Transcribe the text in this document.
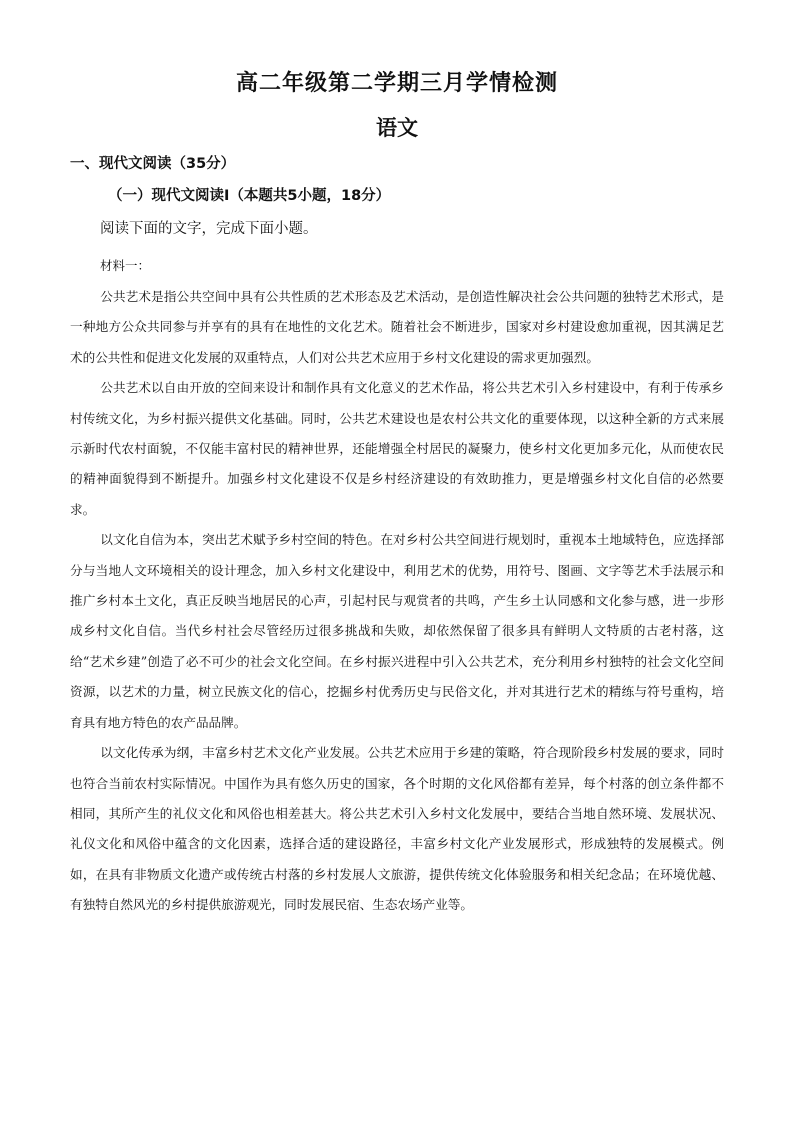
高二年级第二学期三月学情检测
语文
一、现代文阅读（35分）
（一）现代文阅读Ⅰ（本题共5小题，18分）
阅读下面的文字，完成下面小题。
材料一：

公共艺术是指公共空间中具有公共性质的艺术形态及艺术活动，是创造性解决社会公共问题的独特艺术形式，是一种地方公众共同参与并享有的具有在地性的文化艺术。随着社会不断进步，国家对乡村建设愈加重视，因其满足艺术的公共性和促进文化发展的双重特点，人们对公共艺术应用于乡村文化建设的需求更加强烈。

公共艺术以自由开放的空间来设计和制作具有文化意义的艺术作品，将公共艺术引入乡村建设中，有利于传承乡村传统文化，为乡村振兴提供文化基础。同时，公共艺术建设也是农村公共文化的重要体现，以这种全新的方式来展示新时代农村面貌，不仅能丰富村民的精神世界，还能增强全村居民的凝聚力，使乡村文化更加多元化，从而使农民的精神面貌得到不断提升。加强乡村文化建设不仅是乡村经济建设的有效助推力，更是增强乡村文化自信的必然要求。

以文化自信为本，突出艺术赋予乡村空间的特色。在对乡村公共空间进行规划时，重视本土地域特色，应选择部分与当地人文环境相关的设计理念，加入乡村文化建设中，利用艺术的优势，用符号、图画、文字等艺术手法展示和推广乡村本土文化，真正反映当地居民的心声，引起村民与观赏者的共鸣，产生乡土认同感和文化参与感，进一步形成乡村文化自信。当代乡村社会尽管经历过很多挑战和失败，却依然保留了很多具有鲜明人文特质的古老村落，这给“艺术乡建”创造了必不可少的社会文化空间。在乡村振兴进程中引入公共艺术，充分利用乡村独特的社会文化空间资源，以艺术的力量，树立民族文化的信心，挖掘乡村优秀历史与民俗文化，并对其进行艺术的精练与符号重构，培育具有地方特色的农产品品牌。

以文化传承为纲，丰富乡村艺术文化产业发展。公共艺术应用于乡建的策略，符合现阶段乡村发展的要求，同时也符合当前农村实际情况。中国作为具有悠久历史的国家，各个时期的文化风俗都有差异，每个村落的创立条件都不相同，其所产生的礼仪文化和风俗也相差甚大。将公共艺术引入乡村文化发展中，要结合当地自然环境、发展状况、礼仪文化和风俗中蕴含的文化因素，选择合适的建设路径，丰富乡村文化产业发展形式，形成独特的发展模式。例如，在具有非物质文化遗产或传统古村落的乡村发展人文旅游，提供传统文化体验服务和相关纪念品；在环境优越、有独特自然风光的乡村提供旅游观光，同时发展民宿、生态农场产业等。
